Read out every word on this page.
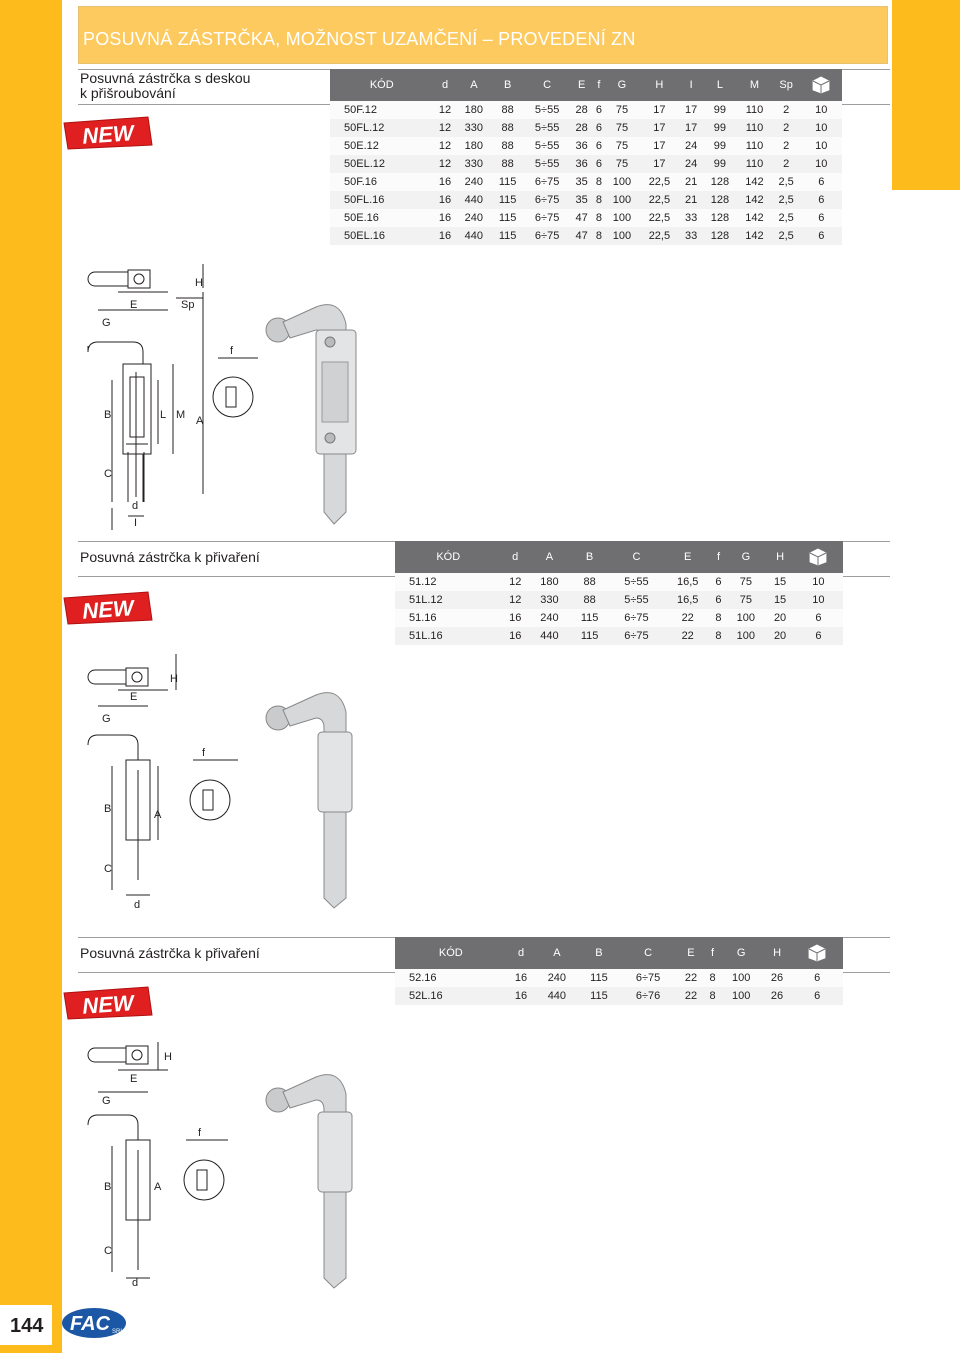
POSUVNÁ ZÁSTRČKA, MOŽNOST UZAMČENÍ – PROVEDENÍ ZN
Posuvná zástrčka s deskou
k přišroubování	KÓD	d	A	B	C	E	f	G	H	I	L	M	Sp	
50F.12	12	180	88	5÷55	28	6	75	17	17	99	110	2	10
50FL.12	12	330	88	5÷55	28	6	75	17	17	99	110	2	10
50E.12	12	180	88	5÷55	36	6	75	17	24	99	110	2	10
50EL.12	12	330	88	5÷55	36	6	75	17	24	99	110	2	10
50F.16	16	240	115	6÷75	35	8	100	22,5	21	128	142	2,5	6
50FL.16	16	440	115	6÷75	35	8	100	22,5	21	128	142	2,5	6
50E.16	16	240	115	6÷75	47	8	100	22,5	33	128	142	2,5	6
50EL.16	16	440	115	6÷75	47	8	100	22,5	33	128	142	2,5	6
NEW
H
E	Sp
G
f
B	L M A
C
d
I
Posuvná zástrčka k přivaření	KÓD	d	A	B	C	E	f	G	H	
51.12	12	180	88	5÷55	16,5	6	75	15	10
51L.12	12	330	88	5÷55	16,5	6	75	15	10
51.16	16	240	115	6÷75	22	8	100	20	6
51L.16	16	440	115	6÷75	22	8	100	20	6
NEW
H
E
G
f
B	A
C
d
Posuvná zástrčka k přivaření	KÓD	d	A	B	C	E	f	G	H	
52.16	16	240	115	6÷75	22	8	100	26	6
52L.16	16	440	115	6÷76	22	8	100	26	6
NEW
H
E
G
f
B	A
C
d
144 FAC SRL
